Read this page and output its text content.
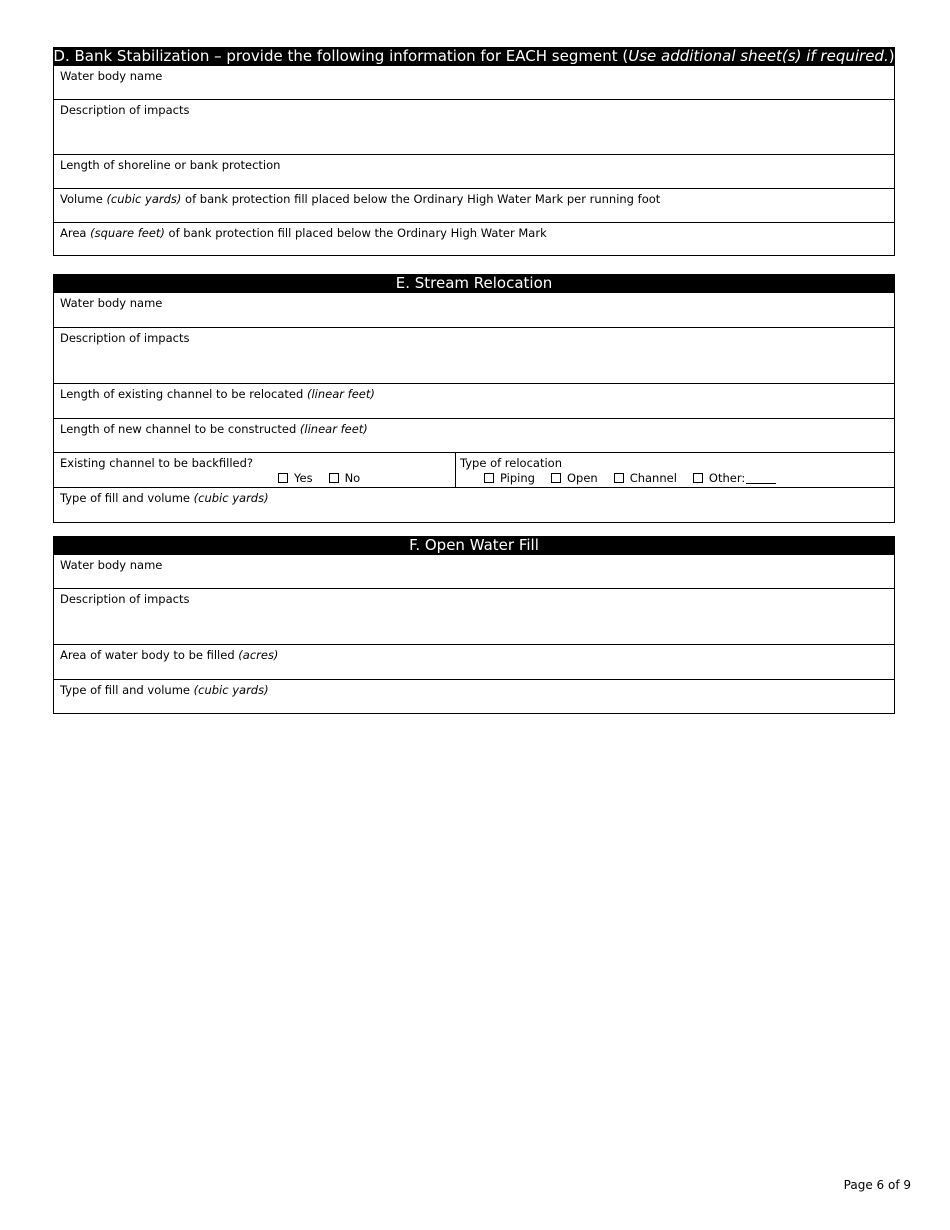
D. Bank Stabilization – provide the following information for EACH segment (Use additional sheet(s) if required.)
Water body name
Description of impacts
Length of shoreline or bank protection
Volume (cubic yards) of bank protection fill placed below the Ordinary High Water Mark per running foot
Area (square feet) of bank protection fill placed below the Ordinary High Water Mark
E. Stream Relocation
Water body name
Description of impacts
Length of existing channel to be relocated (linear feet)
Length of new channel to be constructed (linear feet)
Existing channel to be backfilled?
Yes	No
Type of relocation
Piping	Open	Channel	Other:
Type of fill and volume (cubic yards)
F. Open Water Fill
Water body name
Description of impacts
Area of water body to be filled (acres)
Type of fill and volume (cubic yards)
Page 6 of 9
